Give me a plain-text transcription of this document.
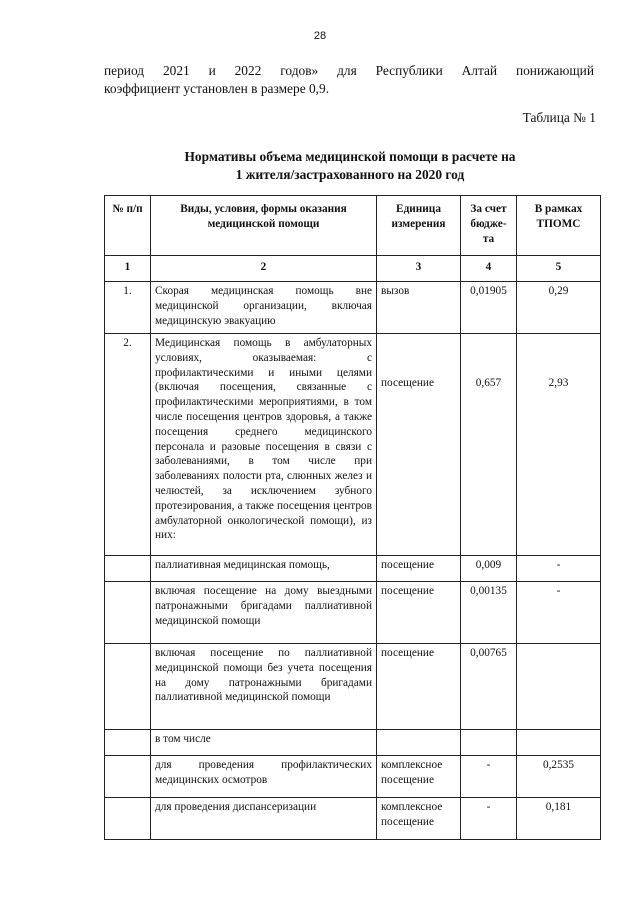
28
период 2021 и 2022 годов» для Республики Алтай понижающий
коэффициент установлен в размере 0,9.
Таблица № 1
Нормативы объема медицинской помощи в расчете на
1 жителя/застрахованного на 2020 год
№ п/п	Виды, условия, формы оказания медицинской помощи	Единица измерения	За счет бюдже-та	В рамках ТПОМС
1	2	3	4	5
1.	Скорая медицинская помощь вне медицинской организации, включая медицинскую эвакуацию	вызов	0,01905	0,29
2.	Медицинская помощь в амбулаторных условиях, оказываемая: с профилактическими и иными целями (включая посещения, связанные с профилактическими мероприятиями, в том числе посещения центров здоровья, а также посещения среднего медицинского персонала и разовые посещения в связи с заболеваниями, в том числе при заболеваниях полости рта, слюнных желез и челюстей, за исключением зубного протезирования, а также посещения центров амбулаторной онкологической помощи), из них:	посещение	0,657	2,93
	паллиативная медицинская помощь,	посещение	0,009	-
	включая посещение на дому выездными патронажными бригадами паллиативной медицинской помощи	посещение	0,00135	-
	включая посещение по паллиативной медицинской помощи без учета посещения на дому патронажными бригадами паллиативной медицинской помощи	посещение	0,00765	
	в том числе			
	для проведения профилактических медицинских осмотров	комплексное посещение	-	0,2535
	для проведения диспансеризации	комплексное посещение	-	0,181
